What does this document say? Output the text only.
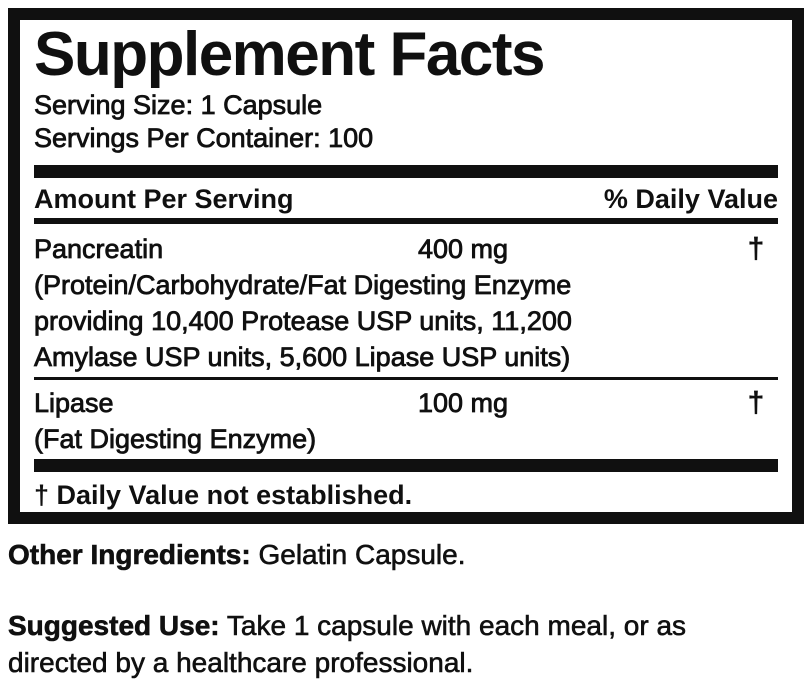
Supplement Facts
Serving Size: 1 Capsule
Servings Per Container: 100
Amount Per Serving	% Daily Value
Pancreatin	400 mg	†
(Protein/Carbohydrate/Fat Digesting Enzyme
providing 10,400 Protease USP units, 11,200
Amylase USP units, 5,600 Lipase USP units)
Lipase	100 mg	†
(Fat Digesting Enzyme)
† Daily Value not established.

Other Ingredients: Gelatin Capsule.

Suggested Use: Take 1 capsule with each meal, or as
directed by a healthcare professional.
